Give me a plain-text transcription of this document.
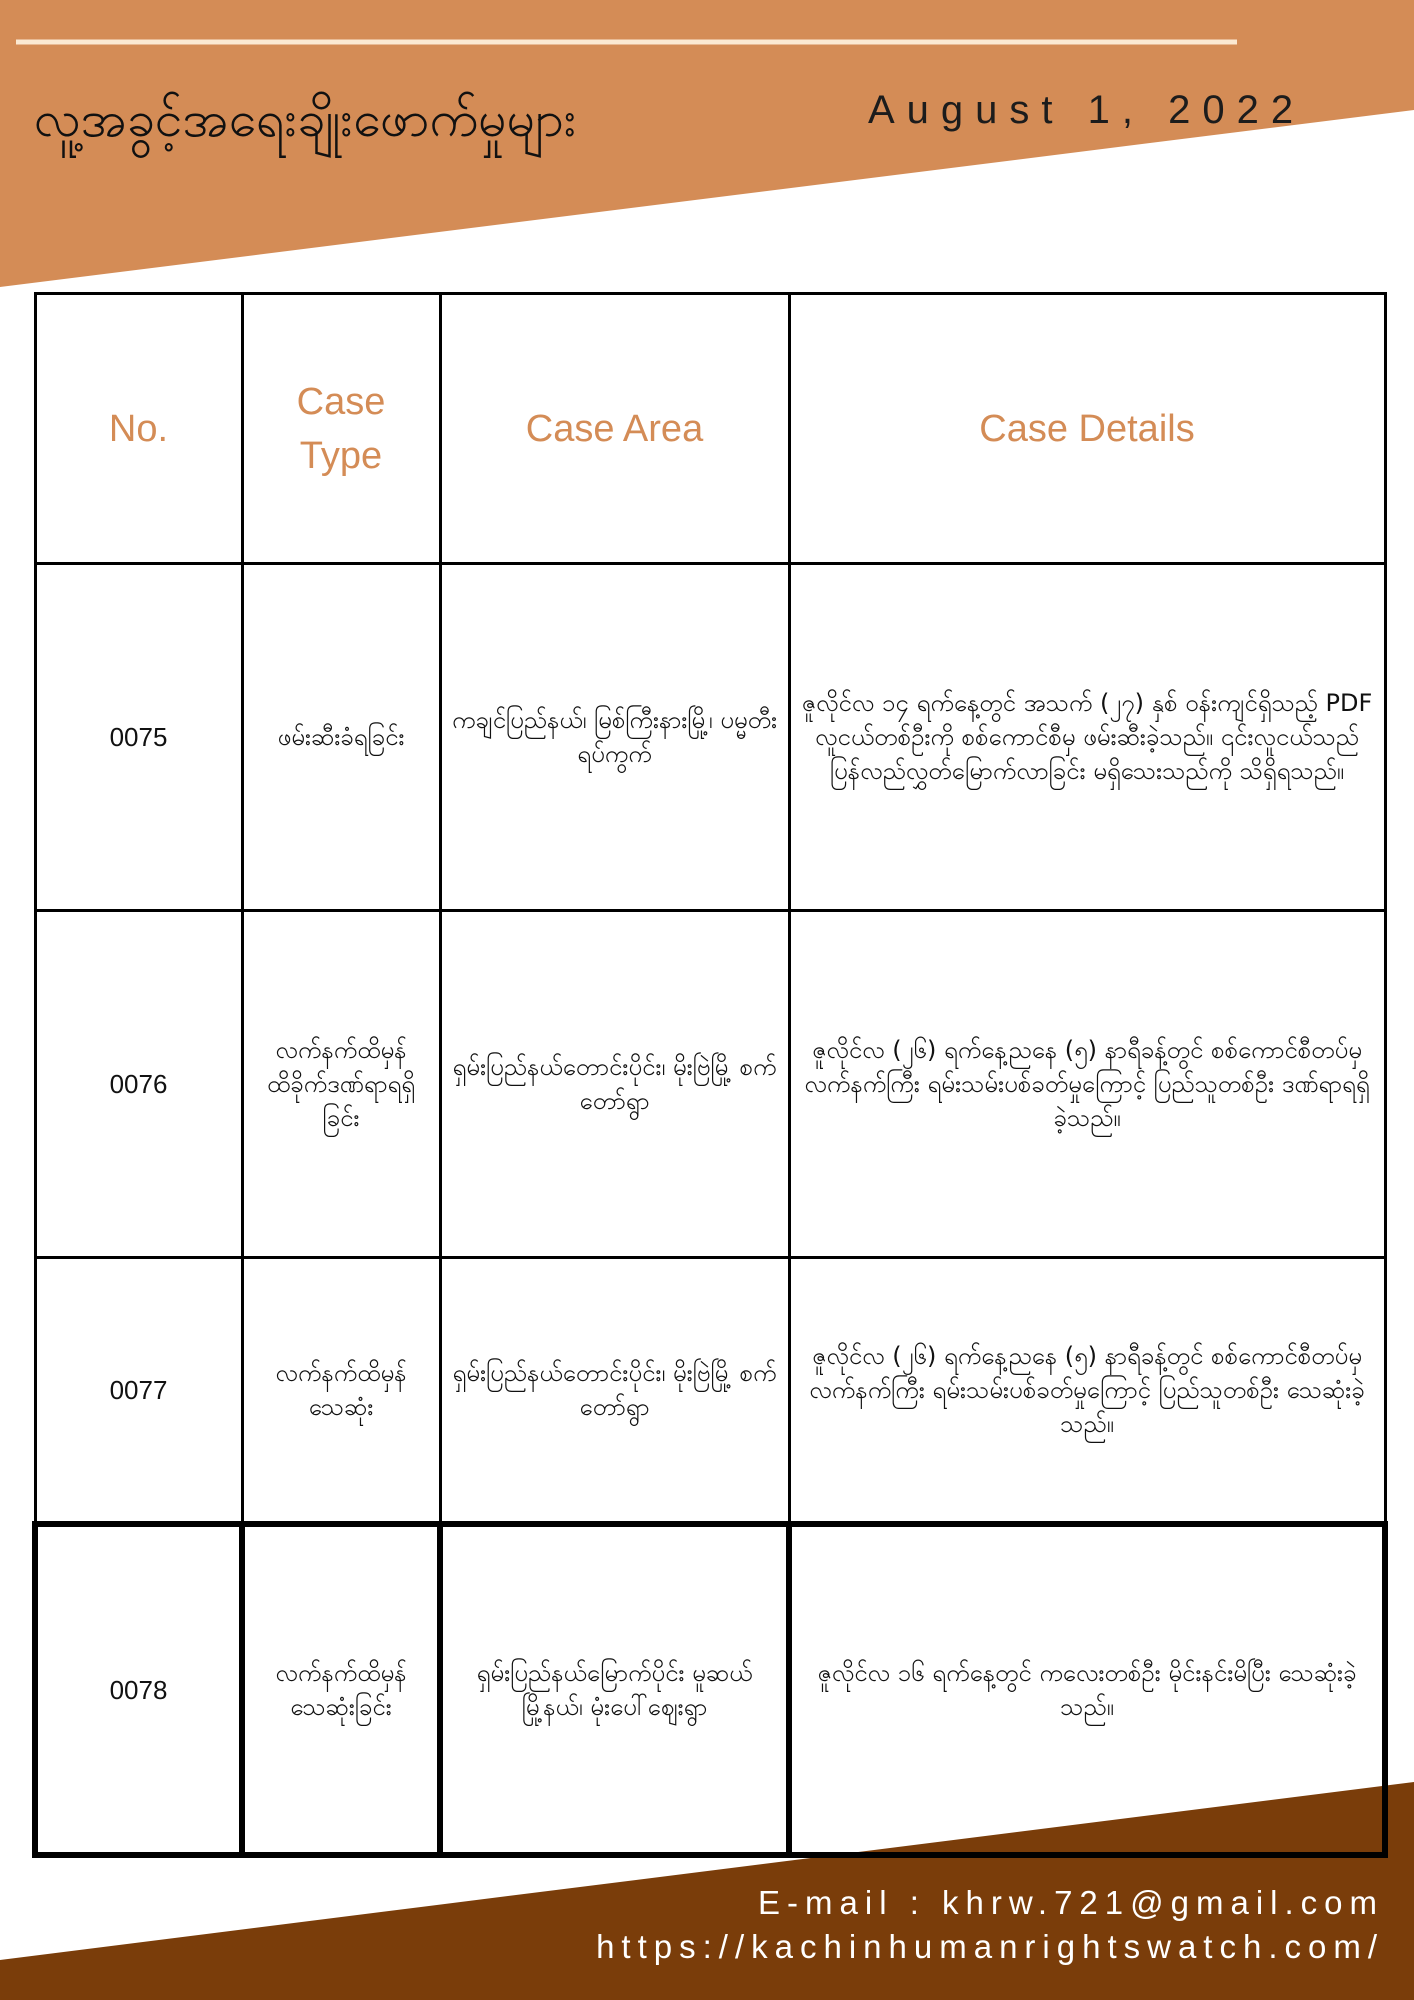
လူ့အခွင့်အရေးချိုးဖောက်မှုများ	August 1, 2022
No.	Case Type	Case Area	Case Details
0075	ဖမ်းဆီးခံရခြင်း	ကချင်ပြည်နယ်၊ မြစ်ကြီးနားမြို့၊ ပမ္မတီး ရပ်ကွက်	ဇူလိုင်လ ၁၄ ရက်နေ့တွင် အသက် (၂၇) နှစ် ဝန်းကျင်ရှိသည့် PDF လူငယ်တစ်ဦးကို စစ်ကောင်စီမှ ဖမ်းဆီးခဲ့သည်။ ၎င်းလူငယ်သည် ပြန်လည်လွှတ်မြောက်လာခြင်း မရှိသေးသည်ကို သိရှိရသည်။
0076	လက်နက်ထိမှန် ထိခိုက်ဒဏ်ရာရရှိခြင်း	ရှမ်းပြည်နယ်တောင်းပိုင်း၊ မိုးဗြဲမြို့ စက်တော်ရွာ	ဇူလိုင်လ (၂၆) ရက်နေ့ညနေ (၅) နာရီခန့်တွင် စစ်ကောင်စီတပ်မှ လက်နက်ကြီး ရမ်းသမ်းပစ်ခတ်မှုကြောင့် ပြည်သူတစ်ဦး ဒဏ်ရာရရှိခဲ့သည်။
0077	လက်နက်ထိမှန် သေဆုံး	ရှမ်းပြည်နယ်တောင်းပိုင်း၊ မိုးဗြဲမြို့ စက်တော်ရွာ	ဇူလိုင်လ (၂၆) ရက်နေ့ညနေ (၅) နာရီခန့်တွင် စစ်ကောင်စီတပ်မှ လက်နက်ကြီး ရမ်းသမ်းပစ်ခတ်မှုကြောင့် ပြည်သူတစ်ဦး သေဆုံးခဲ့သည်။
0078	လက်နက်ထိမှန် သေဆုံးခြင်း	ရှမ်းပြည်နယ်မြောက်ပိုင်း မူဆယ်မြို့နယ်၊ မုံးပေါ်ဈေးရွာ	ဇူလိုင်လ ၁၆ ရက်နေ့တွင် ကလေးတစ်ဦး မိုင်းနင်းမိပြီး သေဆုံးခဲ့သည်။
E-mail : khrw.721@gmail.com
https://kachinhumanrightswatch.com/
